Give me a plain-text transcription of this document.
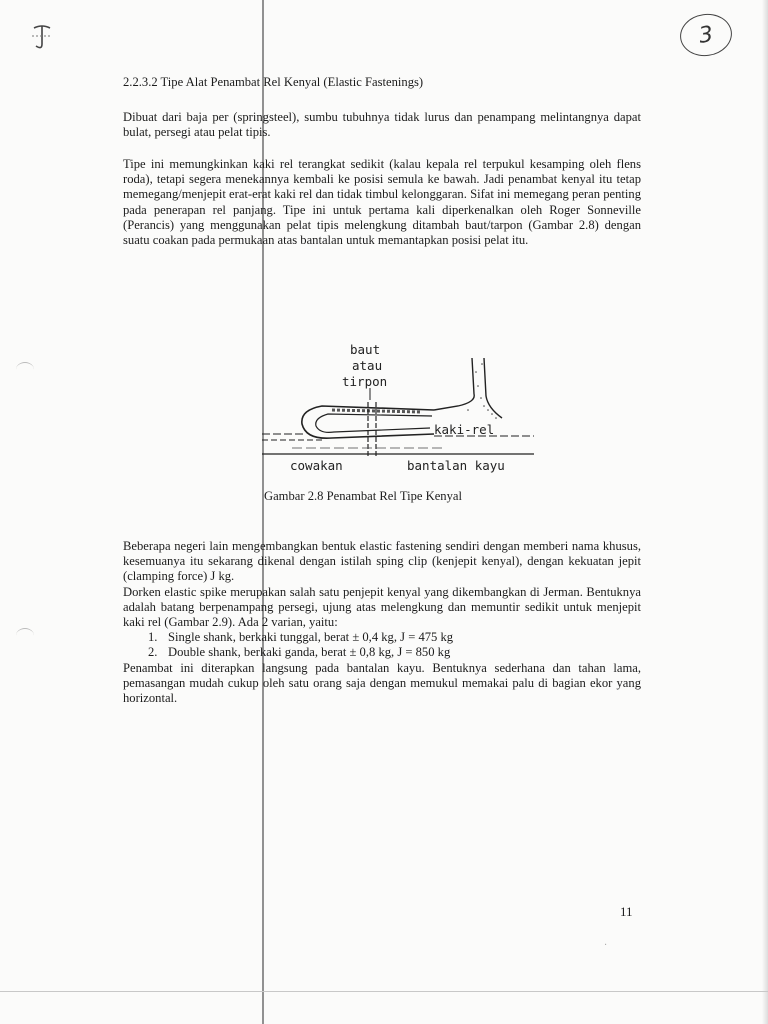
3
2.2.3.2 Tipe Alat Penambat Rel Kenyal (Elastic Fastenings)
Dibuat dari baja per (springsteel), sumbu tubuhnya tidak lurus dan penampang melintangnya dapat bulat, persegi atau pelat tipis.
Tipe ini memungkinkan kaki rel terangkat sedikit (kalau kepala rel terpukul kesamping oleh flens roda), tetapi segera menekannya kembali ke posisi semula ke bawah. Jadi penambat kenyal itu tetap memegang/menjepit erat-erat kaki rel dan tidak timbul kelonggaran. Sifat ini memegang peran penting pada penerapan rel panjang. Tipe ini untuk pertama kali diperkenalkan oleh Roger Sonneville (Perancis) yang menggunakan pelat tipis melengkung ditambah baut/tarpon (Gambar 2.8) dengan suatu coakan pada permukaan atas bantalan untuk memantapkan posisi pelat itu.
baut
atau
tirpon
kaki-rel
cowakan	bantalan kayu
Gambar 2.8 Penambat Rel Tipe Kenyal

Beberapa negeri lain mengembangkan bentuk elastic fastening sendiri dengan memberi nama khusus, kesemuanya itu sekarang dikenal dengan istilah sping clip (kenjepit kenyal), dengan kekuatan jepit (clamping force) J kg.

Dorken elastic spike merupakan salah satu penjepit kenyal yang dikembangkan di Jerman. Bentuknya adalah batang berpenampang persegi, ujung atas melengkung dan memuntir sedikit untuk menjepit kaki rel (Gambar 2.9). Ada 2 varian, yaitu:

1. Single shank, berkaki tunggal, berat ± 0,4 kg, J = 475 kg
2. Double shank, berkaki ganda, berat ± 0,8 kg, J = 850 kg

Penambat ini diterapkan langsung pada bantalan kayu. Bentuknya sederhana dan tahan lama, pemasangan mudah cukup oleh satu orang saja dengan memukul memakai palu di bagian ekor yang horizontal.

11
·
